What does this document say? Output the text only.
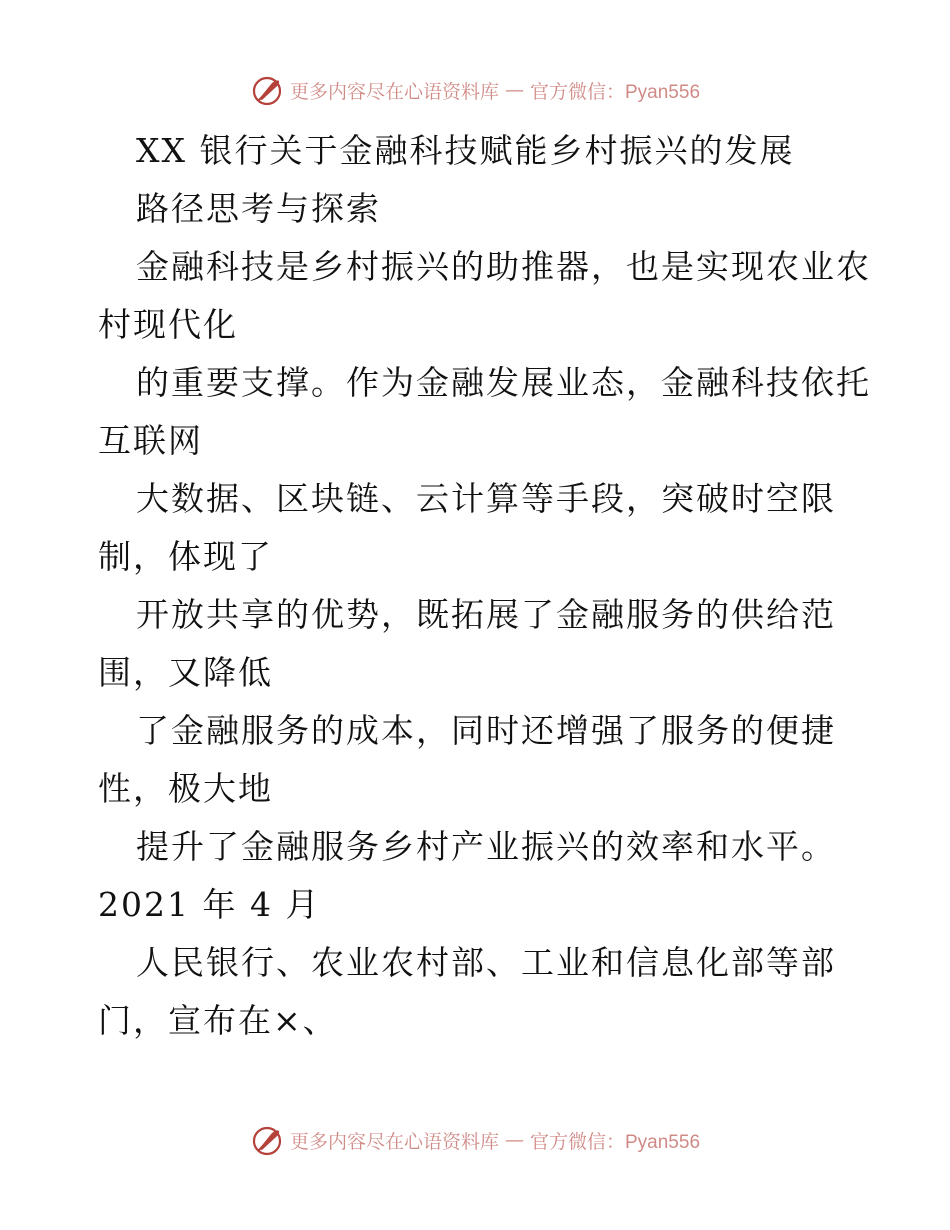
更多内容尽在心语资料库 — 官方微信：Pyan556
XX 银行关于金融科技赋能乡村振兴的发展
路径思考与探索
金融科技是乡村振兴的助推器，也是实现农业农
村现代化
的重要支撑。作为金融发展业态，金融科技依托
互联网
大数据、区块链、云计算等手段，突破时空限
制，体现了
开放共享的优势，既拓展了金融服务的供给范
围，又降低
了金融服务的成本，同时还增强了服务的便捷
性，极大地
提升了金融服务乡村产业振兴的效率和水平。
2021 年 4 月
人民银行、农业农村部、工业和信息化部等部
门，宣布在×、
更多内容尽在心语资料库 — 官方微信：Pyan556
